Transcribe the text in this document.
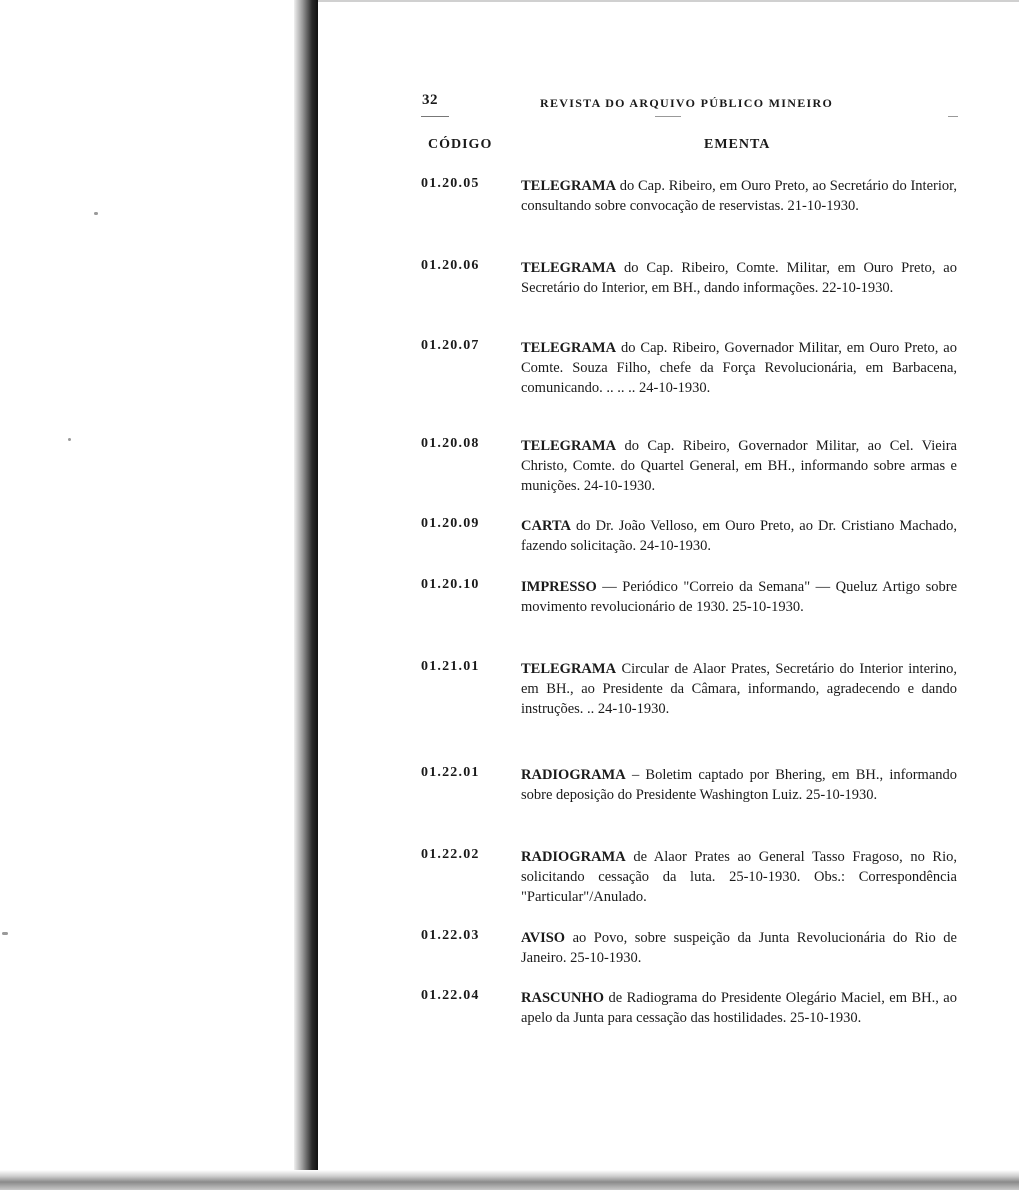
32	REVISTA DO ARQUIVO PÚBLICO MINEIRO
CÓDIGO	EMENTA
01.20.05	TELEGRAMA do Cap. Ribeiro, em Ouro Preto, ao Secretário do Interior, consultando sobre convocação de reservistas. 21-10-1930.
01.20.06	TELEGRAMA do Cap. Ribeiro, Comte. Militar, em Ouro Preto, ao Secretário do Interior, em BH., dando informações. 22-10-1930.
01.20.07	TELEGRAMA do Cap. Ribeiro, Governador Militar, em Ouro Preto, ao Comte. Souza Filho, chefe da Força Revolucionária, em Barbacena, comunicando. .. .. .. 24-10-1930.
01.20.08	TELEGRAMA do Cap. Ribeiro, Governador Militar, ao Cel. Vieira Christo, Comte. do Quartel General, em BH., informando sobre armas e munições. 24-10-1930.
01.20.09	CARTA do Dr. João Velloso, em Ouro Preto, ao Dr. Cristiano Machado, fazendo solicitação. 24-10-1930.
01.20.10	IMPRESSO — Periódico "Correio da Semana" — Queluz Artigo sobre movimento revolucionário de 1930. 25-10-1930.
01.21.01	TELEGRAMA Circular de Alaor Prates, Secretário do Interior interino, em BH., ao Presidente da Câmara, informando, agradecendo e dando instruções. .. 24-10-1930.
01.22.01	RADIOGRAMA – Boletim captado por Bhering, em BH., informando sobre deposição do Presidente Washington Luiz. 25-10-1930.
01.22.02	RADIOGRAMA de Alaor Prates ao General Tasso Fragoso, no Rio, solicitando cessação da luta. 25-10-1930. Obs.: Correspondência "Particular"/Anulado.
01.22.03	AVISO ao Povo, sobre suspeição da Junta Revolucionária do Rio de Janeiro. 25-10-1930.
01.22.04	RASCUNHO de Radiograma do Presidente Olegário Maciel, em BH., ao apelo da Junta para cessação das hostilidades. 25-10-1930.
